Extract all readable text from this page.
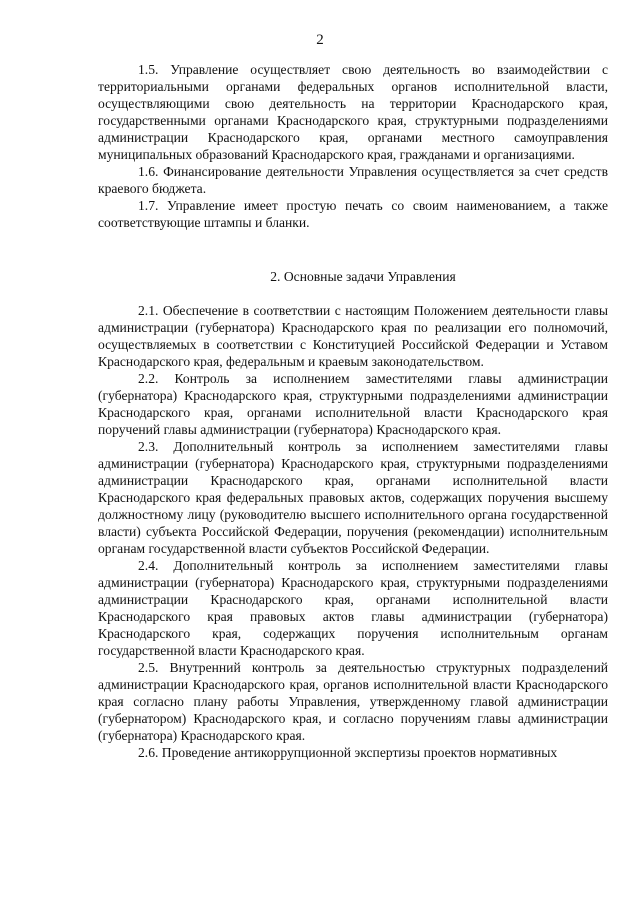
2

1.5. Управление осуществляет свою деятельность во взаимодействии с территориальными органами федеральных органов исполнительной власти, осуществляющими свою деятельность на территории Краснодарского края, государственными органами Краснодарского края, структурными подразделениями администрации Краснодарского края, органами местного самоуправления муниципальных образований Краснодарского края, гражданами и организациями.

1.6. Финансирование деятельности Управления осуществляется за счет средств краевого бюджета.

1.7. Управление имеет простую печать со своим наименованием, а также соответствующие штампы и бланки.

2. Основные задачи Управления

2.1. Обеспечение в соответствии с настоящим Положением деятельности главы администрации (губернатора) Краснодарского края по реализации его полномочий, осуществляемых в соответствии с Конституцией Российской Федерации и Уставом Краснодарского края, федеральным и краевым законодательством.

2.2. Контроль за исполнением заместителями главы администрации (губернатора) Краснодарского края, структурными подразделениями администрации Краснодарского края, органами исполнительной власти Краснодарского края поручений главы администрации (губернатора) Краснодарского края.

2.3. Дополнительный контроль за исполнением заместителями главы администрации (губернатора) Краснодарского края, структурными подразделениями администрации Краснодарского края, органами исполнительной власти Краснодарского края федеральных правовых актов, содержащих поручения высшему должностному лицу (руководителю высшего исполнительного органа государственной власти) субъекта Российской Федерации, поручения (рекомендации) исполнительным органам государственной власти субъектов Российской Федерации.

2.4. Дополнительный контроль за исполнением заместителями главы администрации (губернатора) Краснодарского края, структурными подразделениями администрации Краснодарского края, органами исполнительной власти Краснодарского края правовых актов главы администрации (губернатора) Краснодарского края, содержащих поручения исполнительным органам государственной власти Краснодарского края.

2.5. Внутренний контроль за деятельностью структурных подразделений администрации Краснодарского края, органов исполнительной власти Краснодарского края согласно плану работы Управления, утвержденному главой администрации (губернатором) Краснодарского края, и согласно поручениям главы администрации (губернатора) Краснодарского края.

2.6. Проведение антикоррупционной экспертизы проектов нормативных
